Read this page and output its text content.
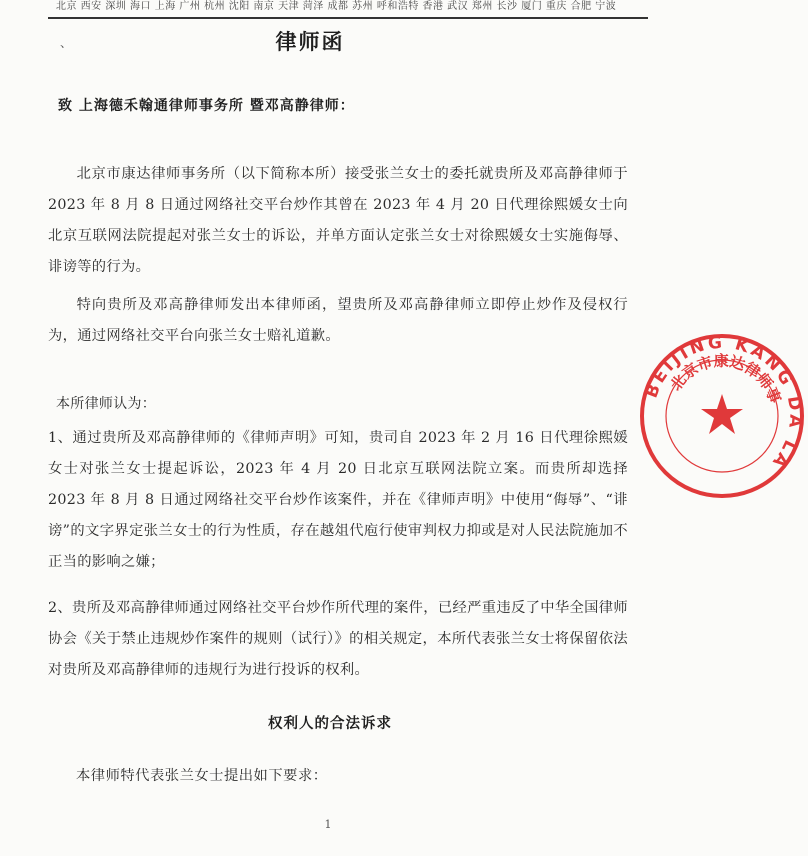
北京 西安 深圳 海口 上海 广州 杭州 沈阳 南京 天津 菏泽 成都 苏州 呼和浩特 香港 武汉 郑州 长沙 厦门 重庆 合肥 宁波
、	律师函
致 上海德禾翰通律师事务所 暨邓高静律师：
北京市康达律师事务所（以下简称本所）接受张兰女士的委托就贵所及邓高静律师于 2023 年 8 月 8 日通过网络社交平台炒作其曾在 2023 年 4 月 20 日代理徐熙媛女士向北京互联网法院提起对张兰女士的诉讼，并单方面认定张兰女士对徐熙媛女士实施侮辱、诽谤等的行为。
特向贵所及邓高静律师发出本律师函，望贵所及邓高静律师立即停止炒作及侵权行为，通过网络社交平台向张兰女士赔礼道歉。
本所律师认为：
1、通过贵所及邓高静律师的《律师声明》可知，贵司自 2023 年 2 月 16 日代理徐熙媛女士对张兰女士提起诉讼，2023 年 4 月 20 日北京互联网法院立案。而贵所却选择 2023 年 8 月 8 日通过网络社交平台炒作该案件，并在《律师声明》中使用“侮辱”、“诽谤”的文字界定张兰女士的行为性质，存在越俎代庖行使审判权力抑或是对人民法院施加不正当的影响之嫌；
2、贵所及邓高静律师通过网络社交平台炒作所代理的案件，已经严重违反了中华全国律师协会《关于禁止违规炒作案件的规则（试行）》的相关规定，本所代表张兰女士将保留依法对贵所及邓高静律师的违规行为进行投诉的权利。
权利人的合法诉求
本律师特代表张兰女士提出如下要求：
1
BEIJING KANG DA LA
北京市康达律师事
